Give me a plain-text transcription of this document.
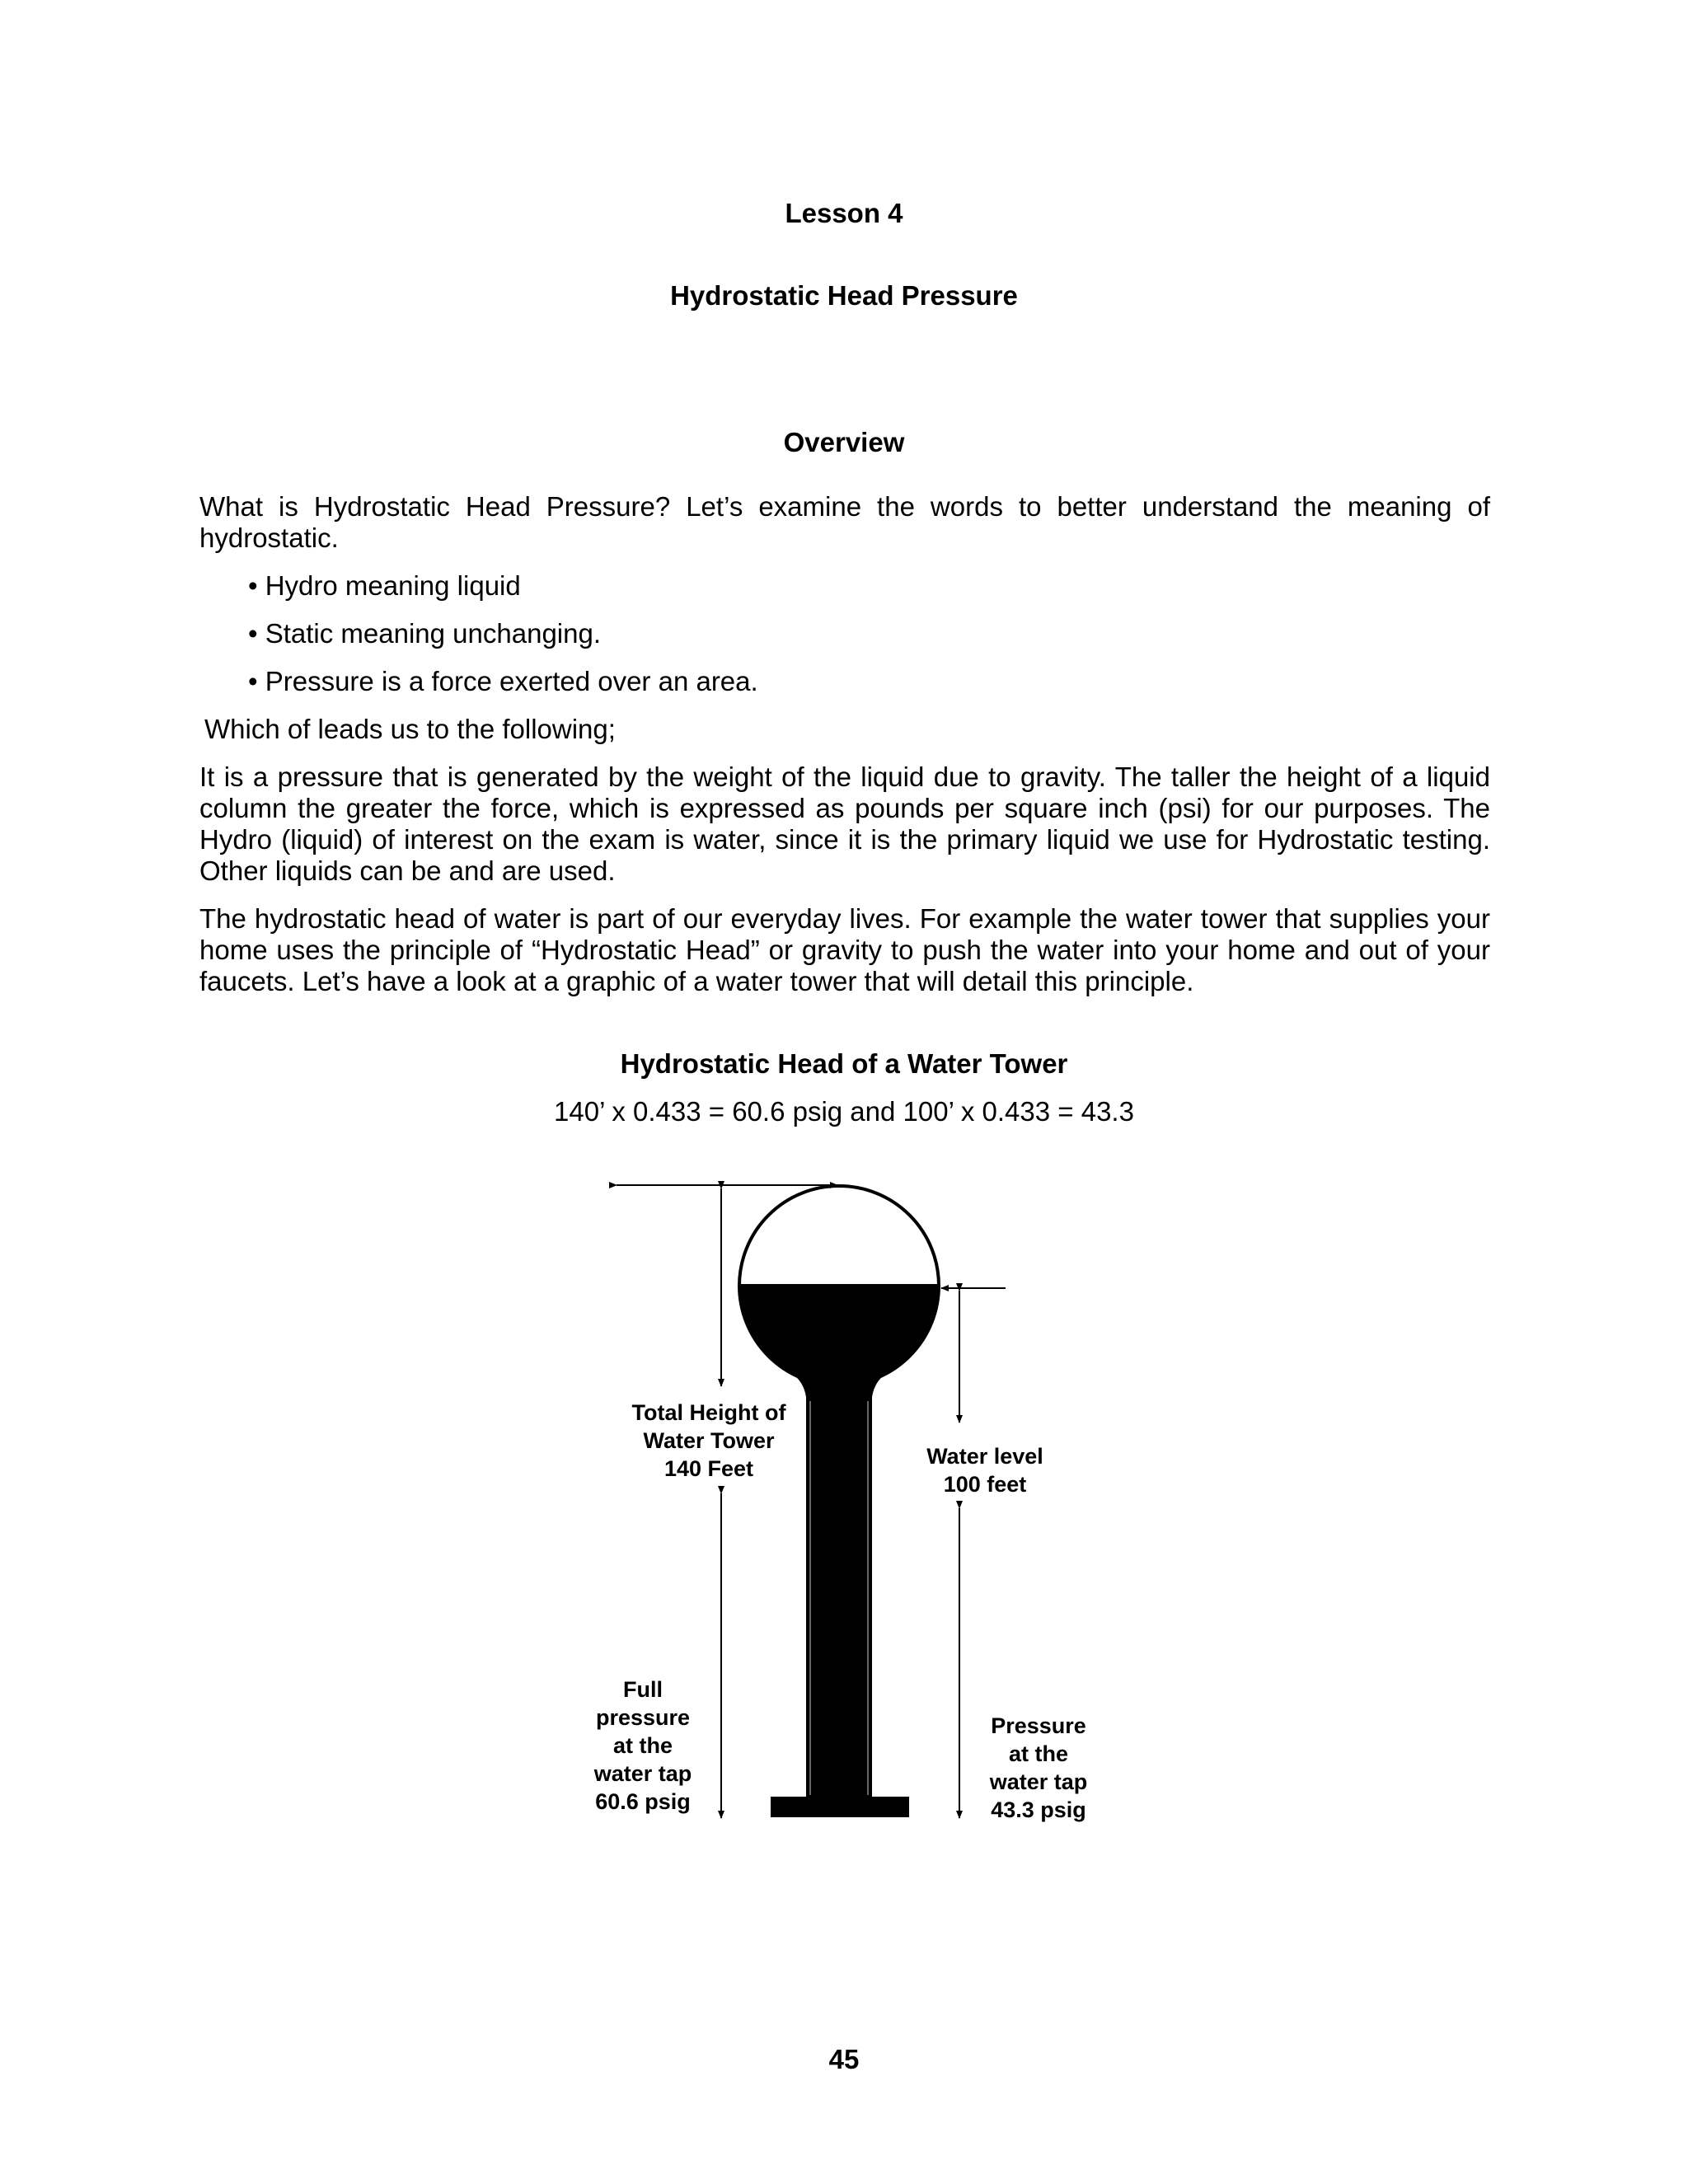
Lesson 4
Hydrostatic Head Pressure
Overview
What is Hydrostatic Head Pressure? Let’s examine the words to better understand the meaning of hydrostatic.
• Hydro meaning liquid
• Static meaning unchanging.
• Pressure is a force exerted over an area.
Which of leads us to the following;
It is a pressure that is generated by the weight of the liquid due to gravity. The taller the height of a liquid column the greater the force, which is expressed as pounds per square inch (psi) for our purposes. The Hydro (liquid) of interest on the exam is water, since it is the primary liquid we use for Hydrostatic testing. Other liquids can be and are used.
The hydrostatic head of water is part of our everyday lives. For example the water tower that supplies your home uses the principle of “Hydrostatic Head” or gravity to push the water into your home and out of your faucets. Let’s have a look at a graphic of a water tower that will detail this principle.
Hydrostatic Head of a Water Tower
140’ x 0.433 = 60.6 psig and 100’ x 0.433 = 43.3
Total Height of
Water Tower
140 Feet	Water level
100 feet
Full
pressure
at the
water tap
60.6 psig
Pressure
at the
water tap
43.3 psig
45
